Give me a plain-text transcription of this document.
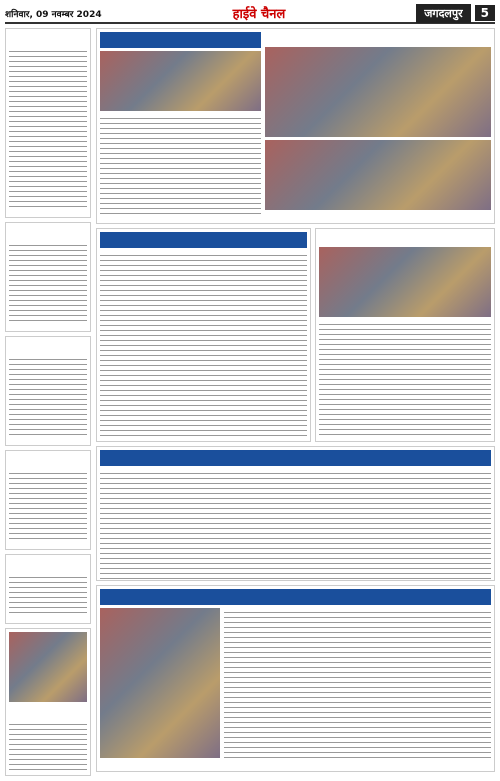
शनिवार, 09 नवम्बर 2024	हाईवे चैनल	जगदलपुर	5
